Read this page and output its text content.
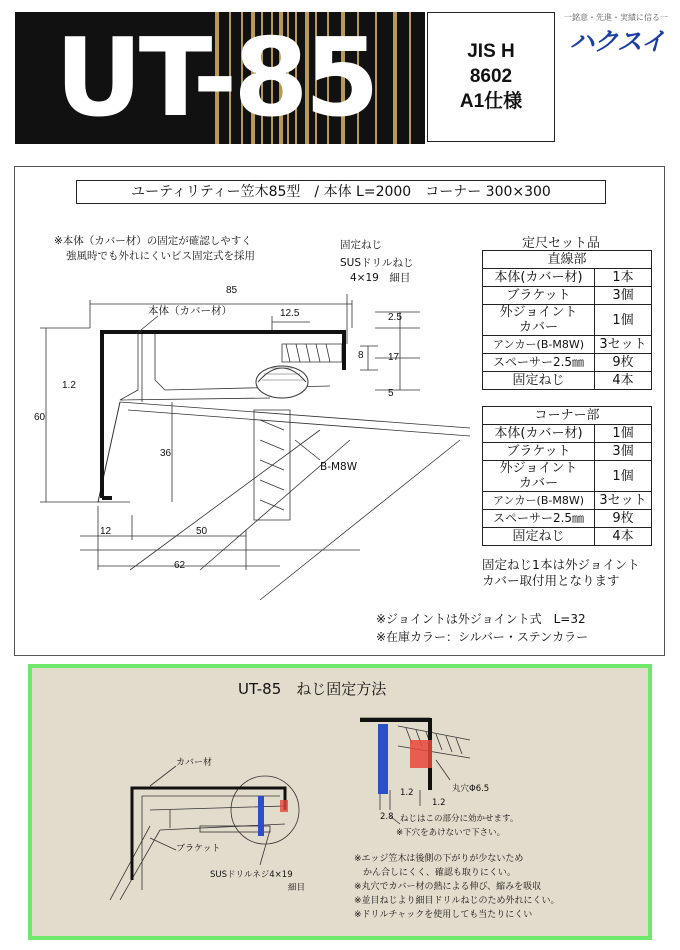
UT-85	JIS H
8602
A1仕様
一銘意・先進・実績に信る一
ハクスイ
ユーティリティー笠木85型　/ 本体 L=2000　コーナー 300×300
※本体（カバー材）の固定が確認しやすく
強風時でも外れにくいビス固定式を採用
本体（カバー材）
固定ねじ
SUSドリルねじ
4×19　細目
B-M8W
85
12.5	2.5
8 17
5
1.2
60
36
12	50
62
※ジョイントは外ジョイント式　L=32
※在庫カラー：シルバー・ステンカラー
定尺セット品
直線部	
本体(カバー材)	1本
ブラケット	3個

外ジョイント
カバー	1個
アンカー(B-M8W)	3セット
スペーサー2.5㎜	9枚
固定ねじ	4本
コーナー部	
本体(カバー材)	1個
ブラケット	3個

外ジョイント
カバー	1個
アンカー(B-M8W)	3セット
スペーサー2.5㎜	9枚
固定ねじ	4本
固定ねじ1本は外ジョイント
カバー取付用となります
UT-85　ねじ固定方法
カバー材
ブラケット
SUSドリルネジ4×19
細目
丸穴Φ6.5
1.2
1.2
2.8 ねじはこの部分に効かせます。
※下穴をあけないで下さい。
※エッジ笠木は後側の下がりが少ないため
　かん合しにくく、確認も取りにくい。
※丸穴でカバー材の熱による伸び、縮みを吸収
※並目ねじより細目ドリルねじのため外れにくい。
※ドリルチャックを使用しても当たりにくい
